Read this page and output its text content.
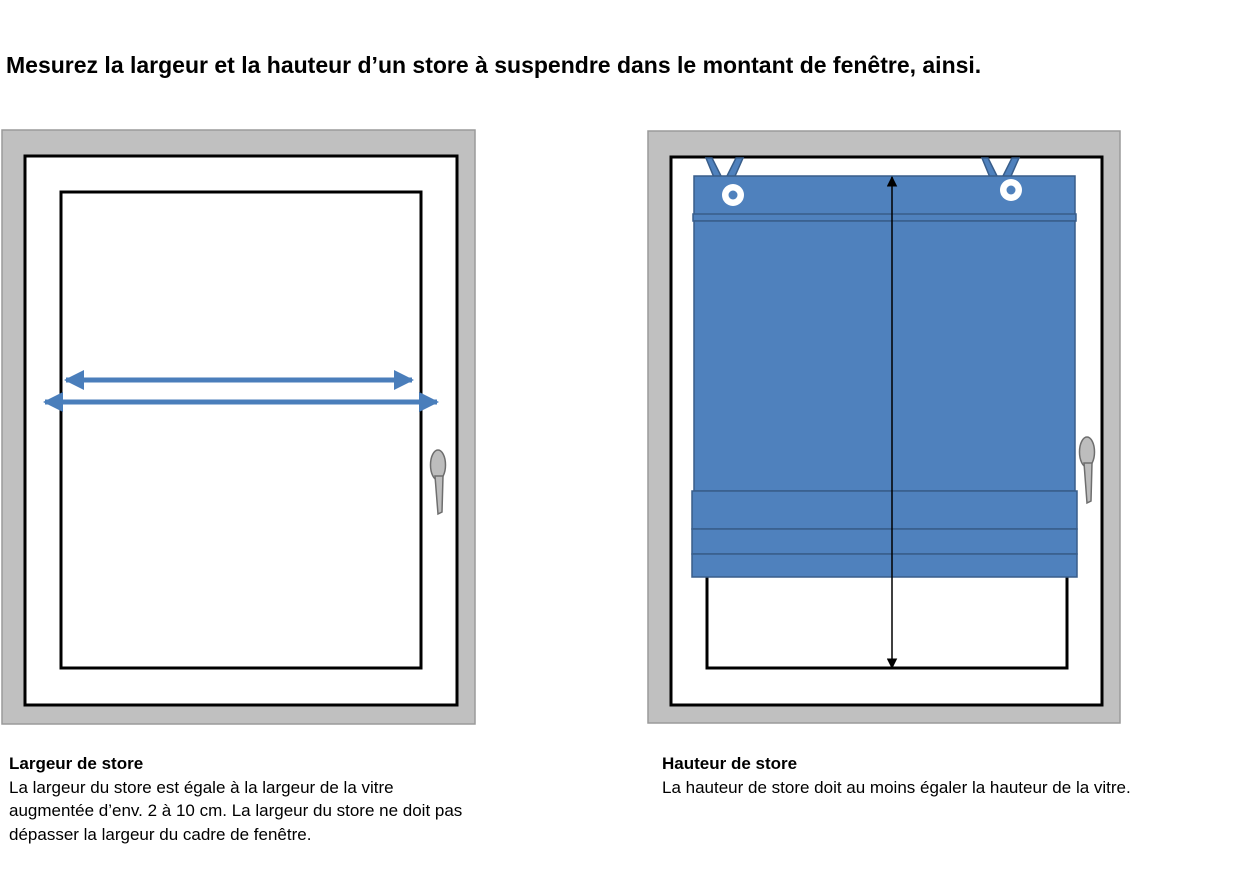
Mesurez la largeur et la hauteur d’un store à suspendre dans le montant de fenêtre, ainsi.
Largeur de store
La largeur du store est égale à la largeur de la vitre augmentée d’env. 2 à 10 cm. La largeur du store ne doit pas dépasser la largeur du cadre de fenêtre.
Hauteur de store
La hauteur de store doit au moins égaler la hauteur de la vitre.
